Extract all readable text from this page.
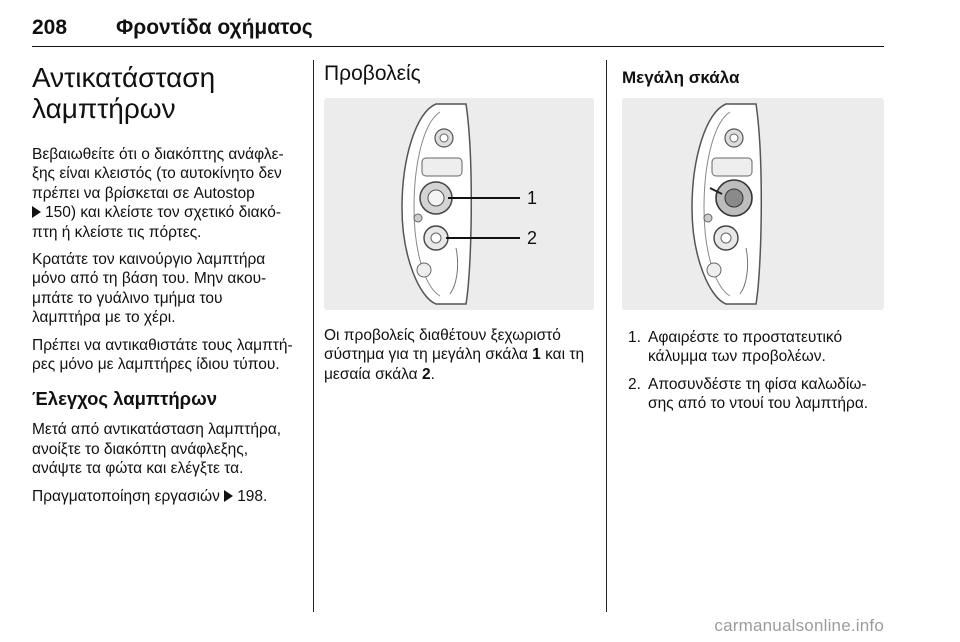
208 Φροντίδα οχήματος
Αντικατάσταση
λαμπτήρων
Βεβαιωθείτε ότι ο διακόπτης ανάφλε-
ξης είναι κλειστός (το αυτοκίνητο δεν
πρέπει να βρίσκεται σε Autostop
150) και κλείστε τον σχετικό διακό-
πτη ή κλείστε τις πόρτες.
Κρατάτε τον καινούργιο λαμπτήρα
μόνο από τη βάση του. Μην ακου-
μπάτε το γυάλινο τμήμα του
λαμπτήρα με το χέρι.
Πρέπει να αντικαθιστάτε τους λαμπτή-
ρες μόνο με λαμπτήρες ίδιου τύπου.
Έλεγχος λαμπτήρων
Μετά από αντικατάσταση λαμπτήρα,
ανοίξτε το διακόπτη ανάφλεξης,
ανάψτε τα φώτα και ελέγξτε τα.
Πραγματοποίηση εργασιών 198.
Προβολείς
1
2
Οι προβολείς διαθέτουν ξεχωριστό
σύστημα για τη μεγάλη σκάλα 1 και τη
μεσαία σκάλα 2.
Μεγάλη σκάλα
1. Αφαιρέστε το προστατευτικό
κάλυμμα των προβολέων.
2. Αποσυνδέστε τη φίσα καλωδίω-
σης από το ντουί του λαμπτήρα.
carmanualsonline.info
